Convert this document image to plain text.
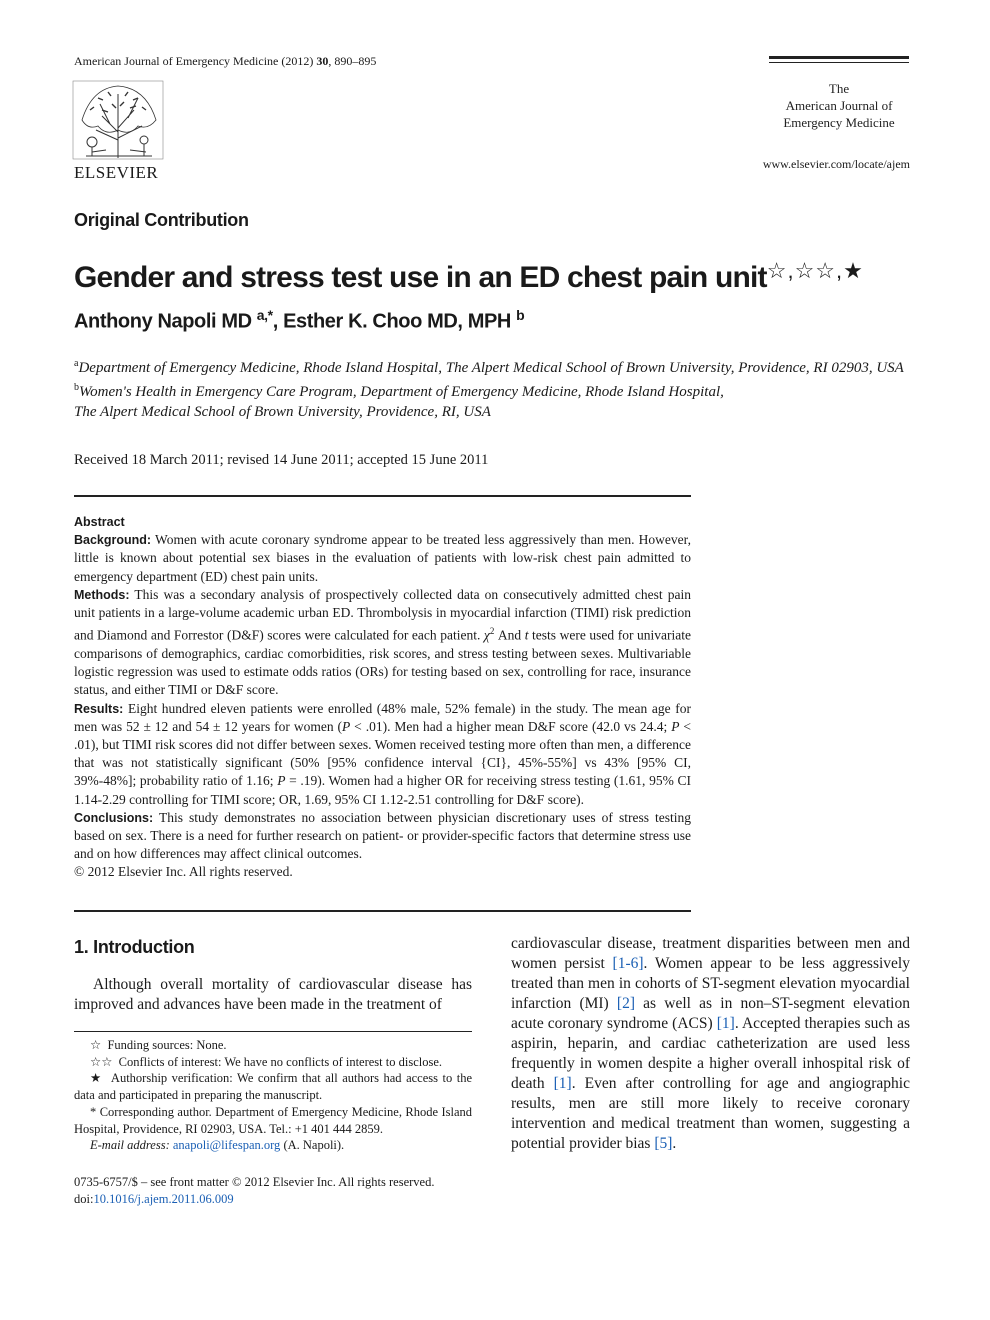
American Journal of Emergency Medicine (2012) 30, 890–895
ELSEVIER
The
American Journal of
Emergency Medicine
www.elsevier.com/locate/ajem
Original Contribution
Gender and stress test use in an ED chest pain unit☆,☆☆,★
Anthony Napoli MD $^{a,*}$, Esther K. Choo MD, MPH $^b$
$^a$Department of Emergency Medicine, Rhode Island Hospital, The Alpert Medical School of Brown University, Providence, RI 02903, USA
$^b$Women's Health in Emergency Care Program, Department of Emergency Medicine, Rhode Island Hospital,
The Alpert Medical School of Brown University, Providence, RI, USA
Received 18 March 2011; revised 14 June 2011; accepted 15 June 2011

Abstract

Background: Women with acute coronary syndrome appear to be treated less aggressively than men. However, little is known about potential sex biases in the evaluation of patients with low-risk chest pain admitted to emergency department (ED) chest pain units.

Methods: This was a secondary analysis of prospectively collected data on consecutively admitted chest pain unit patients in a large-volume academic urban ED. Thrombolysis in myocardial infarction (TIMI) risk prediction and Diamond and Forrestor (D&F) scores were calculated for each patient. $\chi^2$ And t tests were used for univariate comparisons of demographics, cardiac comorbidities, risk scores, and stress testing between sexes. Multivariable logistic regression was used to estimate odds ratios (ORs) for testing based on sex, controlling for race, insurance status, and either TIMI or D&F score.

Results: Eight hundred eleven patients were enrolled (48% male, 52% female) in the study. The mean age for men was 52 ± 12 and 54 ± 12 years for women (P < .01). Men had a higher mean D&F score (42.0 vs 24.4; P < .01), but TIMI risk scores did not differ between sexes. Women received testing more often than men, a difference that was not statistically significant (50% [95% confidence interval {CI}, 45%-55%] vs 43% [95% CI, 39%-48%]; probability ratio of 1.16; P = .19). Women had a higher OR for receiving stress testing (1.61, 95% CI 1.14-2.29 controlling for TIMI score; OR, 1.69, 95% CI 1.12-2.51 controlling for D&F score).

Conclusions: This study demonstrates no association between physician discretionary uses of stress testing based on sex. There is a need for further research on patient- or provider-specific factors that determine stress use and on how differences may affect clinical outcomes.

© 2012 Elsevier Inc. All rights reserved.

1. Introduction
Although overall mortality of cardiovascular disease has improved and advances have been made in the treatment of

☆ Funding sources: None.

☆☆ Conflicts of interest: We have no conflicts of interest to disclose.

★ Authorship verification: We confirm that all authors had access to the data and participated in preparing the manuscript.

* Corresponding author. Department of Emergency Medicine, Rhode Island Hospital, Providence, RI 02903, USA. Tel.: +1 401 444 2859.

E-mail address: anapoli@lifespan.org (A. Napoli).

0735-6757/$ – see front matter © 2012 Elsevier Inc. All rights reserved.
doi:10.1016/j.ajem.2011.06.009
cardiovascular disease, treatment disparities between men and women persist [1-6]. Women appear to be less aggressively treated than men in cohorts of ST-segment elevation myocardial infarction (MI) [2] as well as in non–ST-segment elevation acute coronary syndrome (ACS) [1]. Accepted therapies such as aspirin, heparin, and cardiac catheterization are used less frequently in women despite a higher overall inhospital risk of death [1]. Even after controlling for age and angiographic results, men are still more likely to receive coronary intervention and medical treatment than women, suggesting a potential provider bias [5].
